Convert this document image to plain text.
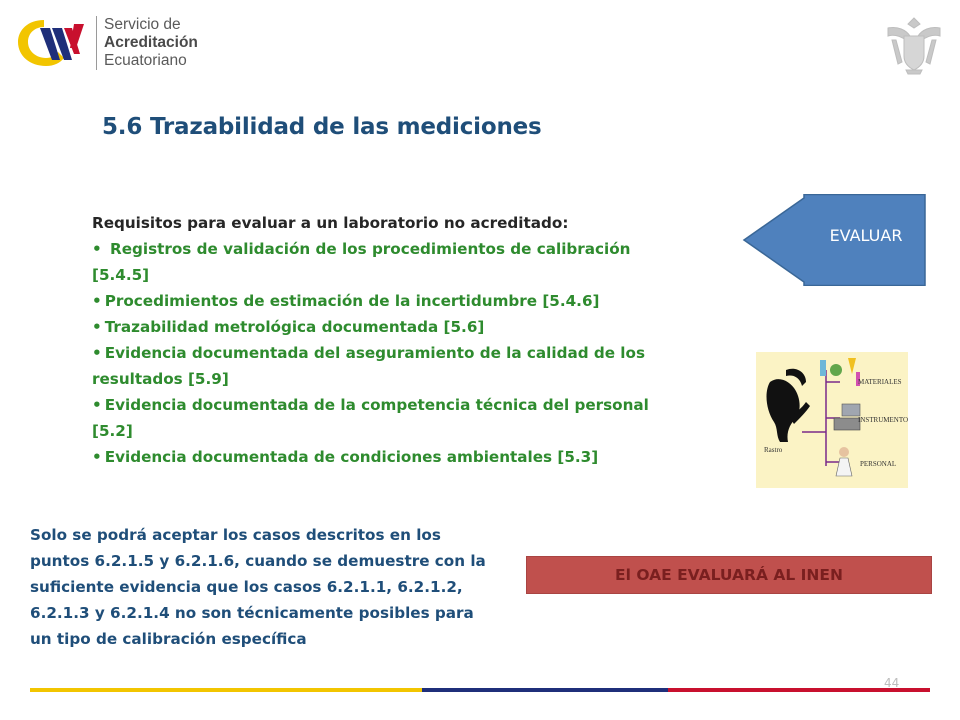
Servicio de
Acreditación
Ecuatoriano
5.6 Trazabilidad de las mediciones
Requisitos para evaluar a un laboratorio no acreditado:
• Registros de validación de los procedimientos de calibración [5.4.5]
• Procedimientos de estimación de la incertidumbre [5.4.6]
• Trazabilidad metrológica documentada [5.6]
• Evidencia documentada del aseguramiento de la calidad de los resultados [5.9]
• Evidencia documentada de la competencia técnica del personal [5.2]
• Evidencia documentada de condiciones ambientales [5.3]
EVALUAR
Rastro
MATERIALES
INSTRUMENTOS
PERSONAL
Solo se podrá aceptar los casos descritos en los puntos 6.2.1.5 y 6.2.1.6, cuando se demuestre con la suficiente evidencia que los casos 6.2.1.1, 6.2.1.2, 6.2.1.3 y 6.2.1.4 no son técnicamente posibles para un tipo de calibración específica
El OAE EVALUARÁ AL INEN
44
